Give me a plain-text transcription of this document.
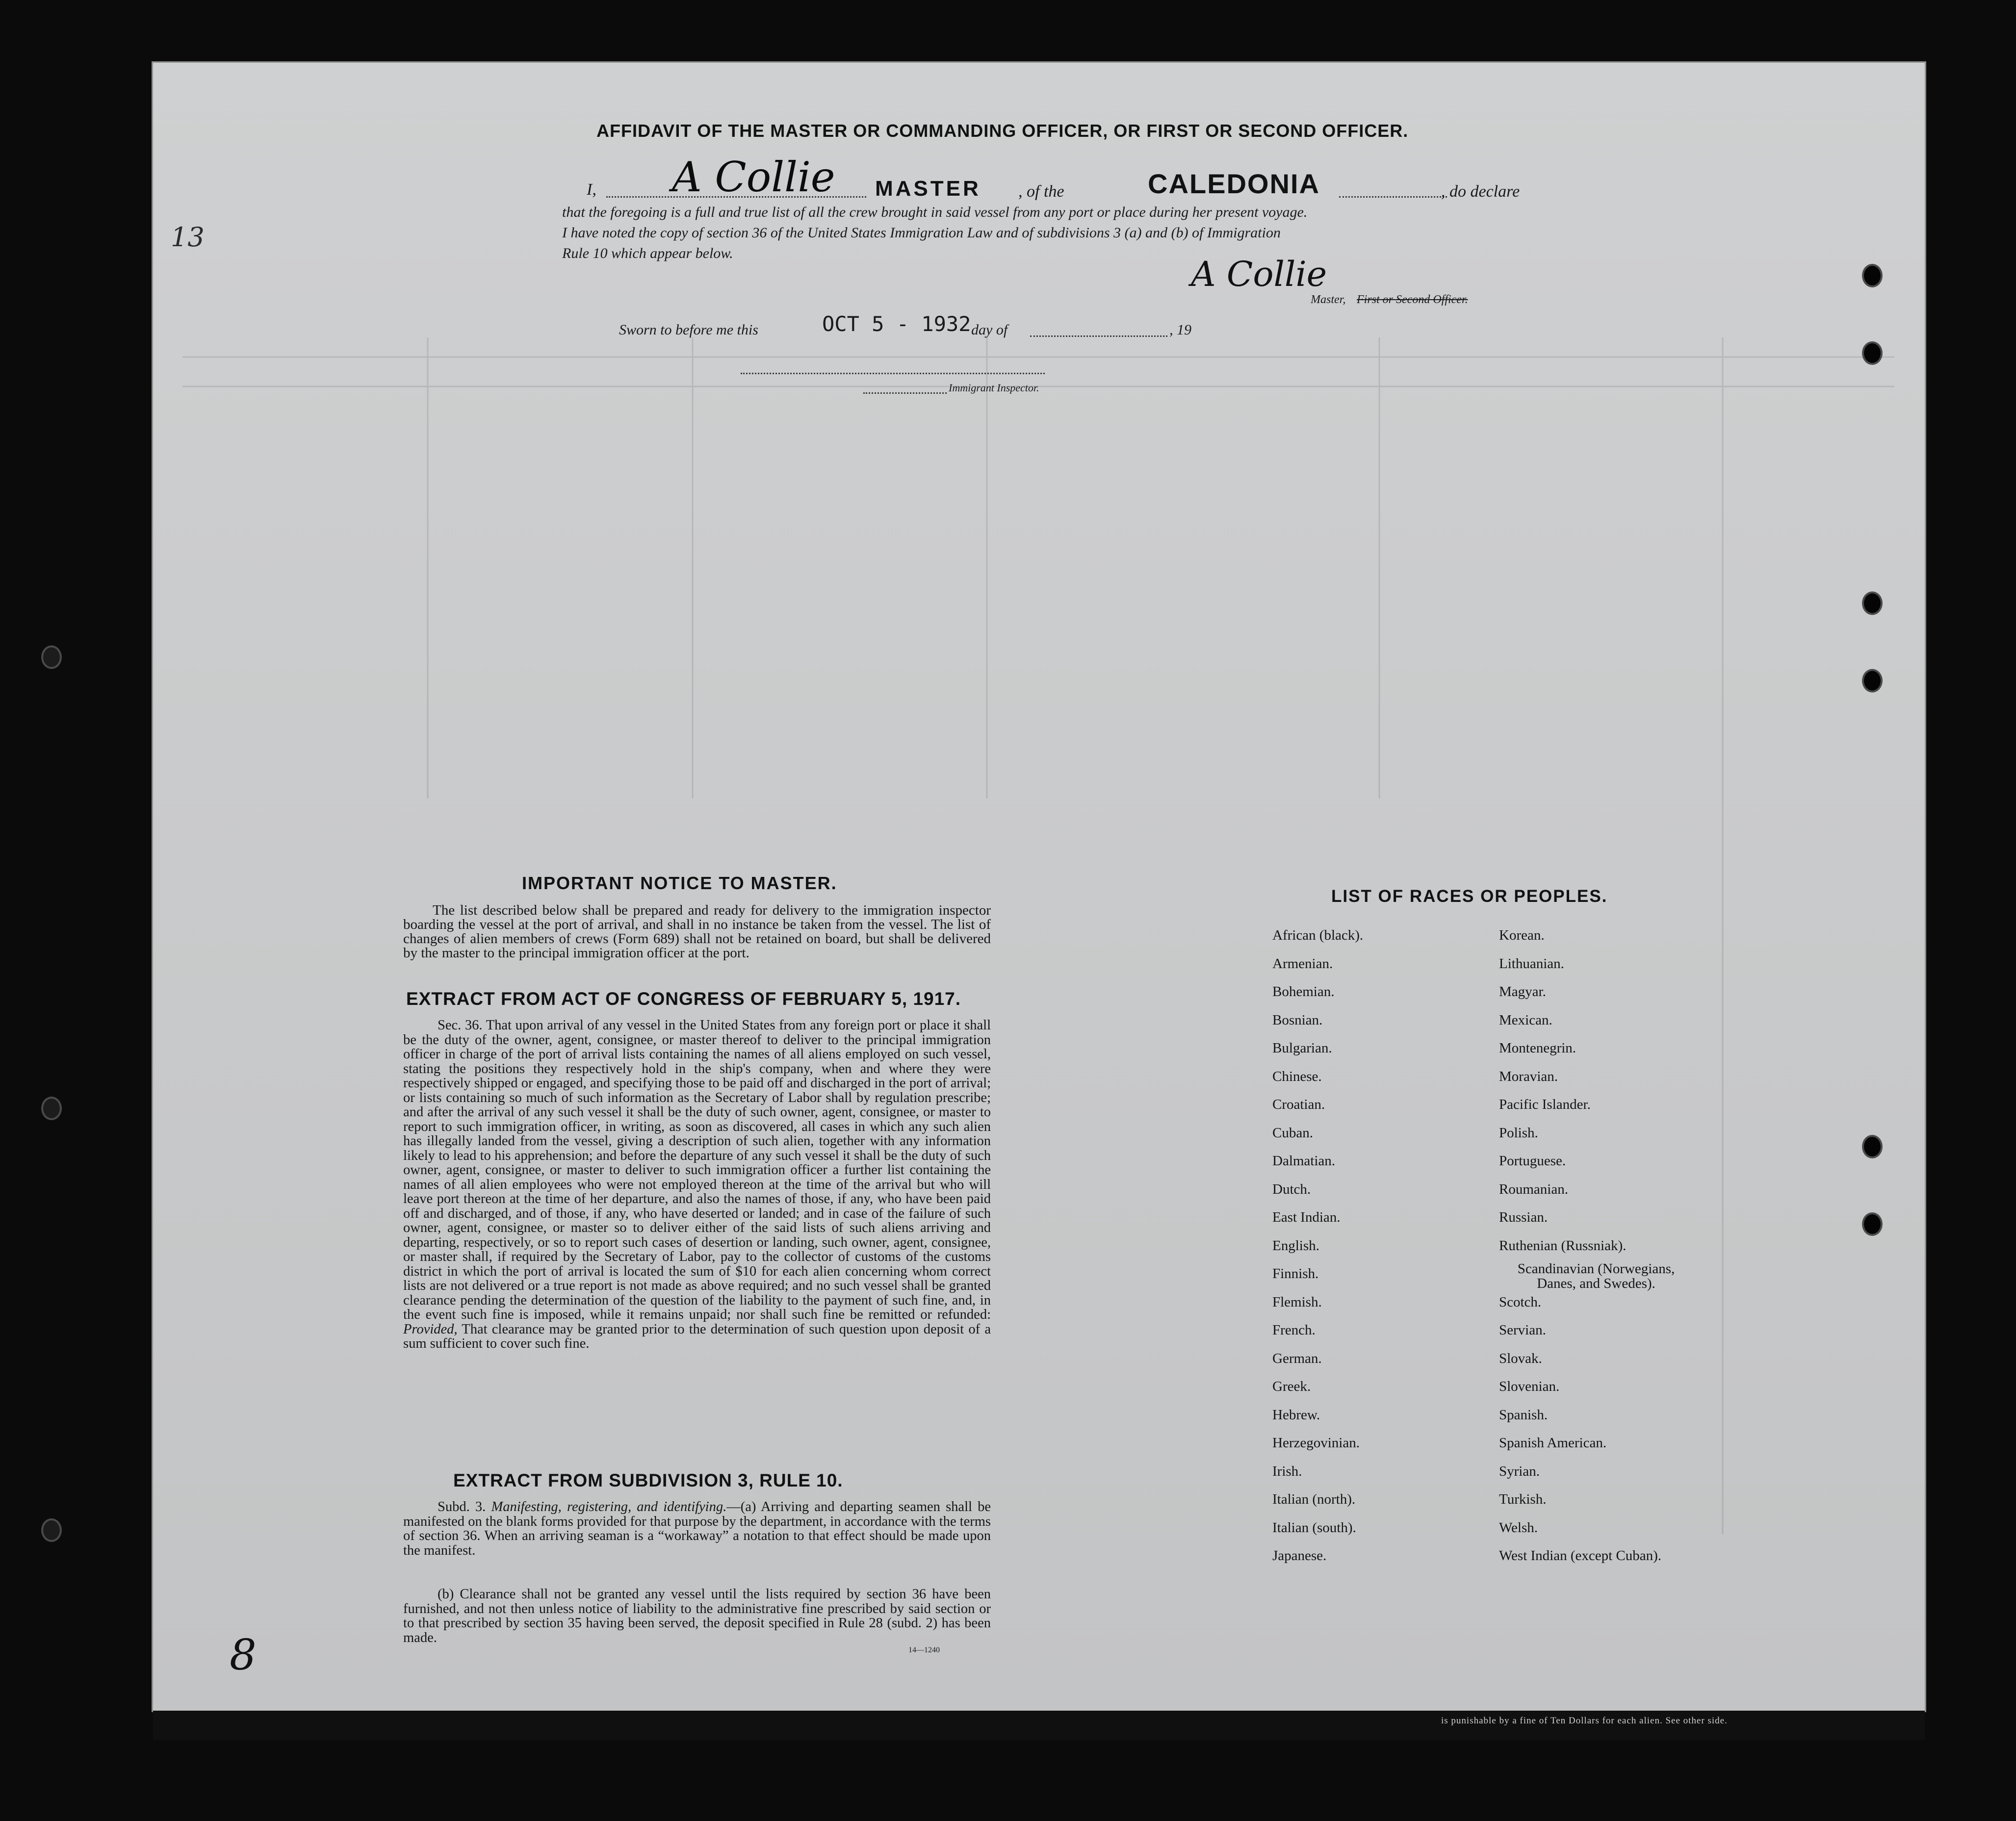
13
8
AFFIDAVIT OF THE MASTER OR COMMANDING OFFICER, OR FIRST OR SECOND OFFICER.
I, A Collie MASTER , of the	CALEDONIA	, do declare
that the foregoing is a full and true list of all the crew brought in said vessel from any port or place during her present voyage.
I have noted the copy of section 36 of the United States Immigration Law and of subdivisions 3 (a) and (b) of Immigration
Rule 10 which appear below.
A Collie
Master, First or Second Officer.
Sworn to before me this	OCT 5 - 1932 day of	, 19
Immigrant Inspector.
IMPORTANT NOTICE TO MASTER.
The list described below shall be prepared and ready for delivery to the immigration inspector boarding the vessel at the port of arrival, and shall in no instance be taken from the vessel. The list of changes of alien members of crews (Form 689) shall not be retained on board, but shall be delivered by the master to the principal immigration officer at the port.
EXTRACT FROM ACT OF CONGRESS OF FEBRUARY 5, 1917.
Sec. 36. That upon arrival of any vessel in the United States from any foreign port or place it shall be the duty of the owner, agent, consignee, or master thereof to deliver to the principal immigration officer in charge of the port of arrival lists containing the names of all aliens employed on such vessel, stating the positions they respectively hold in the ship's company, when and where they were respectively shipped or engaged, and specifying those to be paid off and discharged in the port of arrival; or lists containing so much of such information as the Secretary of Labor shall by regulation prescribe; and after the arrival of any such vessel it shall be the duty of such owner, agent, consignee, or master to report to such immigration officer, in writing, as soon as discovered, all cases in which any such alien has illegally landed from the vessel, giving a description of such alien, together with any information likely to lead to his apprehension; and before the departure of any such vessel it shall be the duty of such owner, agent, consignee, or master to deliver to such immigration officer a further list containing the names of all alien employees who were not employed thereon at the time of the arrival but who will leave port thereon at the time of her departure, and also the names of those, if any, who have been paid off and discharged, and of those, if any, who have deserted or landed; and in case of the failure of such owner, agent, consignee, or master so to deliver either of the said lists of such aliens arriving and departing, respectively, or so to report such cases of desertion or landing, such owner, agent, consignee, or master shall, if required by the Secretary of Labor, pay to the collector of customs of the customs district in which the port of arrival is located the sum of $10 for each alien concerning whom correct lists are not delivered or a true report is not made as above required; and no such vessel shall be granted clearance pending the determination of the question of the liability to the payment of such fine, and, in the event such fine is imposed, while it remains unpaid; nor shall such fine be remitted or refunded: Provided, That clearance may be granted prior to the determination of such question upon deposit of a sum sufficient to cover such fine.
EXTRACT FROM SUBDIVISION 3, RULE 10.
Subd. 3. Manifesting, registering, and identifying.—(a) Arriving and departing seamen shall be manifested on the blank forms provided for that purpose by the department, in accordance with the terms of section 36. When an arriving seaman is a “workaway” a notation to that effect should be made upon the manifest.
(b) Clearance shall not be granted any vessel until the lists required by section 36 have been furnished, and not then unless notice of liability to the administrative fine prescribed by said section or to that prescribed by section 35 having been served, the deposit specified in Rule 28 (subd. 2) has been made.
14—1240
LIST OF RACES OR PEOPLES.
African (black).
Armenian.
Bohemian.
Bosnian.
Bulgarian.
Chinese.
Croatian.
Cuban.
Dalmatian.
Dutch.
East Indian.
English.
Finnish.
Flemish.
French.
German.
Greek.
Hebrew.
Herzegovinian.
Irish.
Italian (north).
Italian (south).
Japanese.
Korean.
Lithuanian.
Magyar.
Mexican.
Montenegrin.
Moravian.
Pacific Islander.
Polish.
Portuguese.
Roumanian.
Russian.
Ruthenian (Russniak).
Scandinavian (Norwegians,
Danes, and Swedes).
Scotch.
Servian.
Slovak.
Slovenian.
Spanish.
Spanish American.
Syrian.
Turkish.
Welsh.
West Indian (except Cuban).
is punishable by a fine of Ten Dollars for each alien. See other side.
